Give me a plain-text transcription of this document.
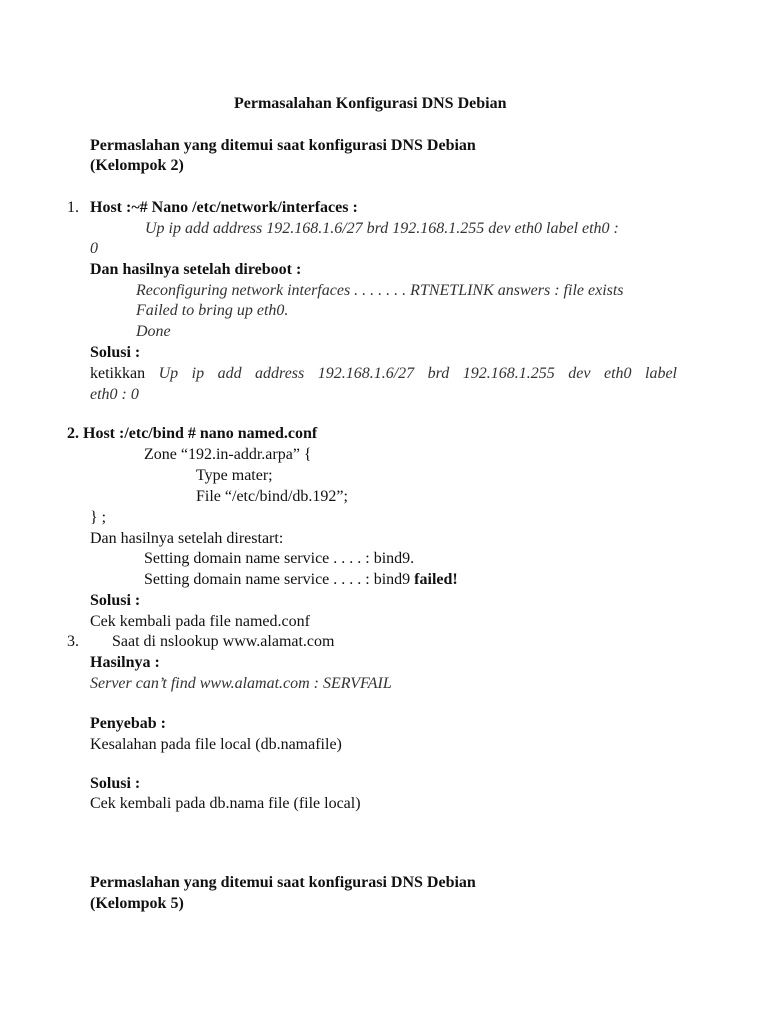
Permasalahan Konfigurasi DNS Debian
Permaslahan yang ditemui saat konfigurasi DNS Debian
(Kelompok 2)
1. Host :~# Nano /etc/network/interfaces :
Up ip add address 192.168.1.6/27 brd 192.168.1.255 dev eth0 label eth0 :
0
Dan hasilnya setelah direboot :
Reconfiguring network interfaces . . . . . . . RTNETLINK answers : file exists
Failed to bring up eth0.
Done
Solusi :
ketikkan Up ip add address 192.168.1.6/27 brd 192.168.1.255 dev eth0 label
eth0 : 0
2. Host :/etc/bind # nano named.conf
Zone “192.in-addr.arpa” {
Type mater;
File “/etc/bind/db.192”;
} ;
Dan hasilnya setelah direstart:
Setting domain name service . . . . : bind9.
Setting domain name service . . . . : bind9 failed!
Solusi :
Cek kembali pada file named.conf
3. Saat di nslookup www.alamat.com
Hasilnya :
Server can’t find www.alamat.com : SERVFAIL
Penyebab :
Kesalahan pada file local (db.namafile)
Solusi :
Cek kembali pada db.nama file (file local)
Permaslahan yang ditemui saat konfigurasi DNS Debian
(Kelompok 5)
